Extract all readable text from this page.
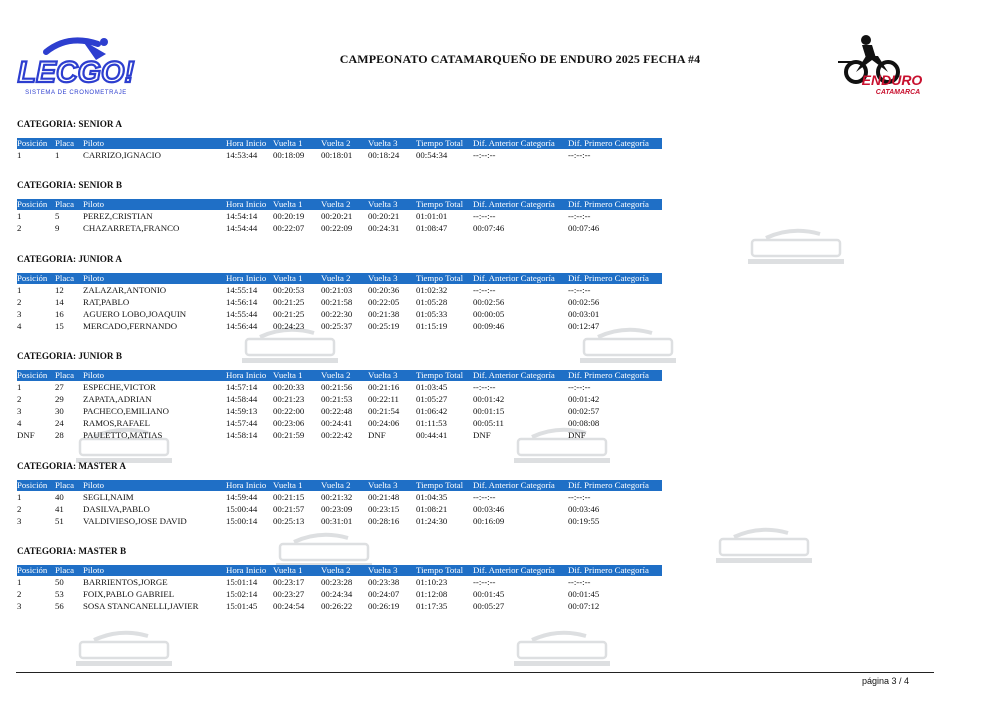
LECGO!
SISTEMA DE CRONOMETRAJE
CAMPEONATO CATAMARQUEÑO DE ENDURO 2025 FECHA #4
ENDURO
CATAMARCA
CATEGORIA: SENIOR A
Posición Placa Piloto	Hora Inicio Vuelta 1 Vuelta 2 Vuelta 3 Tiempo Total Dif. Anterior Categoría Dif. Primero Categoría
1	1	CARRIZO,IGNACIO	14:53:44 00:18:09 00:18:01 00:18:24 00:54:34	--:--:--	--:--:--
CATEGORIA: SENIOR B
Posición Placa Piloto	Hora Inicio Vuelta 1 Vuelta 2 Vuelta 3 Tiempo Total Dif. Anterior Categoría Dif. Primero Categoría
1	5	PEREZ,CRISTIAN	14:54:14 00:20:19 00:20:21 00:20:21 01:01:01	--:--:--	--:--:--
2	9	CHAZARRETA,FRANCO	14:54:44 00:22:07 00:22:09 00:24:31 01:08:47	00:07:46	00:07:46
CATEGORIA: JUNIOR A
Posición Placa Piloto	Hora Inicio Vuelta 1 Vuelta 2 Vuelta 3 Tiempo Total Dif. Anterior Categoría Dif. Primero Categoría
1	12 ZALAZAR,ANTONIO	14:55:14 00:20:53 00:21:03 00:20:36 01:02:32	--:--:--	--:--:--
2	14 RAT,PABLO	14:56:14 00:21:25 00:21:58 00:22:05 01:05:28	00:02:56	00:02:56
3	16 AGUERO LOBO,JOAQUIN	14:55:44 00:21:25 00:22:30 00:21:38 01:05:33	00:00:05	00:03:01
4	15 MERCADO,FERNANDO	14:56:44 00:24:23 00:25:37 00:25:19 01:15:19	00:09:46	00:12:47
CATEGORIA: JUNIOR B
Posición Placa Piloto	Hora Inicio Vuelta 1 Vuelta 2 Vuelta 3 Tiempo Total Dif. Anterior Categoría Dif. Primero Categoría
1	27 ESPECHE,VICTOR	14:57:14 00:20:33 00:21:56 00:21:16 01:03:45	--:--:--	--:--:--
2	29 ZAPATA,ADRIAN	14:58:44 00:21:23 00:21:53 00:22:11 01:05:27	00:01:42	00:01:42
3	30 PACHECO,EMILIANO	14:59:13 00:22:00 00:22:48 00:21:54 01:06:42	00:01:15	00:02:57
4	24 RAMOS,RAFAEL	14:57:44 00:23:06 00:24:41 00:24:06 01:11:53	00:05:11	00:08:08
DNF 28 PAULETTO,MATIAS	14:58:14 00:21:59 00:22:42 DNF	00:44:41	DNF	DNF
CATEGORIA: MASTER A
Posición Placa Piloto	Hora Inicio Vuelta 1 Vuelta 2 Vuelta 3 Tiempo Total Dif. Anterior Categoría Dif. Primero Categoría
1	40 SEGLI,NAIM	14:59:44 00:21:15 00:21:32 00:21:48 01:04:35	--:--:--	--:--:--
2	41 DASILVA,PABLO	15:00:44 00:21:57 00:23:09 00:23:15 01:08:21	00:03:46	00:03:46
3	51 VALDIVIESO,JOSE DAVID	15:00:14 00:25:13 00:31:01 00:28:16 01:24:30	00:16:09	00:19:55
CATEGORIA: MASTER B
Posición Placa Piloto	Hora Inicio Vuelta 1 Vuelta 2 Vuelta 3 Tiempo Total Dif. Anterior Categoría Dif. Primero Categoría
1	50 BARRIENTOS,JORGE	15:01:14 00:23:17 00:23:28 00:23:38 01:10:23	--:--:--	--:--:--
2	53 FOIX,PABLO GABRIEL	15:02:14 00:23:27 00:24:34 00:24:07 01:12:08	00:01:45	00:01:45
3	56 SOSA STANCANELLI,JAVIER	15:01:45 00:24:54 00:26:22 00:26:19 01:17:35	00:05:27	00:07:12
página 3 / 4
